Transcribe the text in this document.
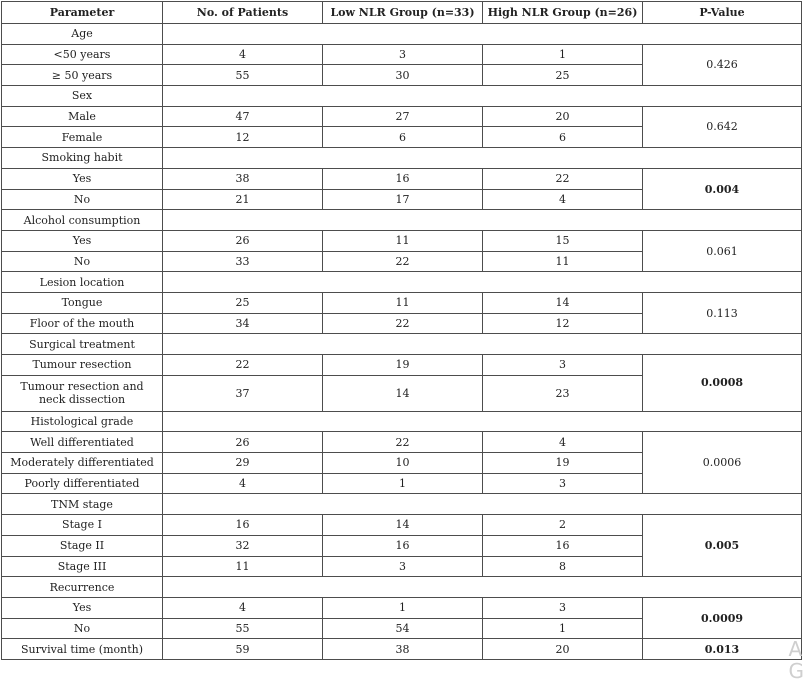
Parameter	No. of Patients	Low NLR Group (n=33)	High NLR Group (n=26)	P-Value
Age				
<50 years	4	3	1	0.426
≥ 50 years	55	30	25	
Sex				
Male	47	27	20	0.642
Female	12	6	6	
Smoking habit				
Yes	38	16	22	0.004
No	21	17	4	
Alcohol consumption				
Yes	26	11	15	0.061
No	33	22	11	
Lesion location				
Tongue	25	11	14	0.113
Floor of the mouth	34	22	12	
Surgical treatment				
Tumour resection	22	19	3	0.0008
Tumour resection and neck dissection	37	14	23	
Histological grade				
Well differentiated	26	22	4	0.0006
Moderately differentiated	29	10	19	
Poorly differentiated	4	1	3	
TNM stage				
Stage I	16	14	2	0.005
Stage II	32	16	16	
Stage III	11	3	8	
Recurrence				
Yes	4	1	3	0.0009
No	55	54	1	
Survival time (month)	59	38	20	0.013 A
G
